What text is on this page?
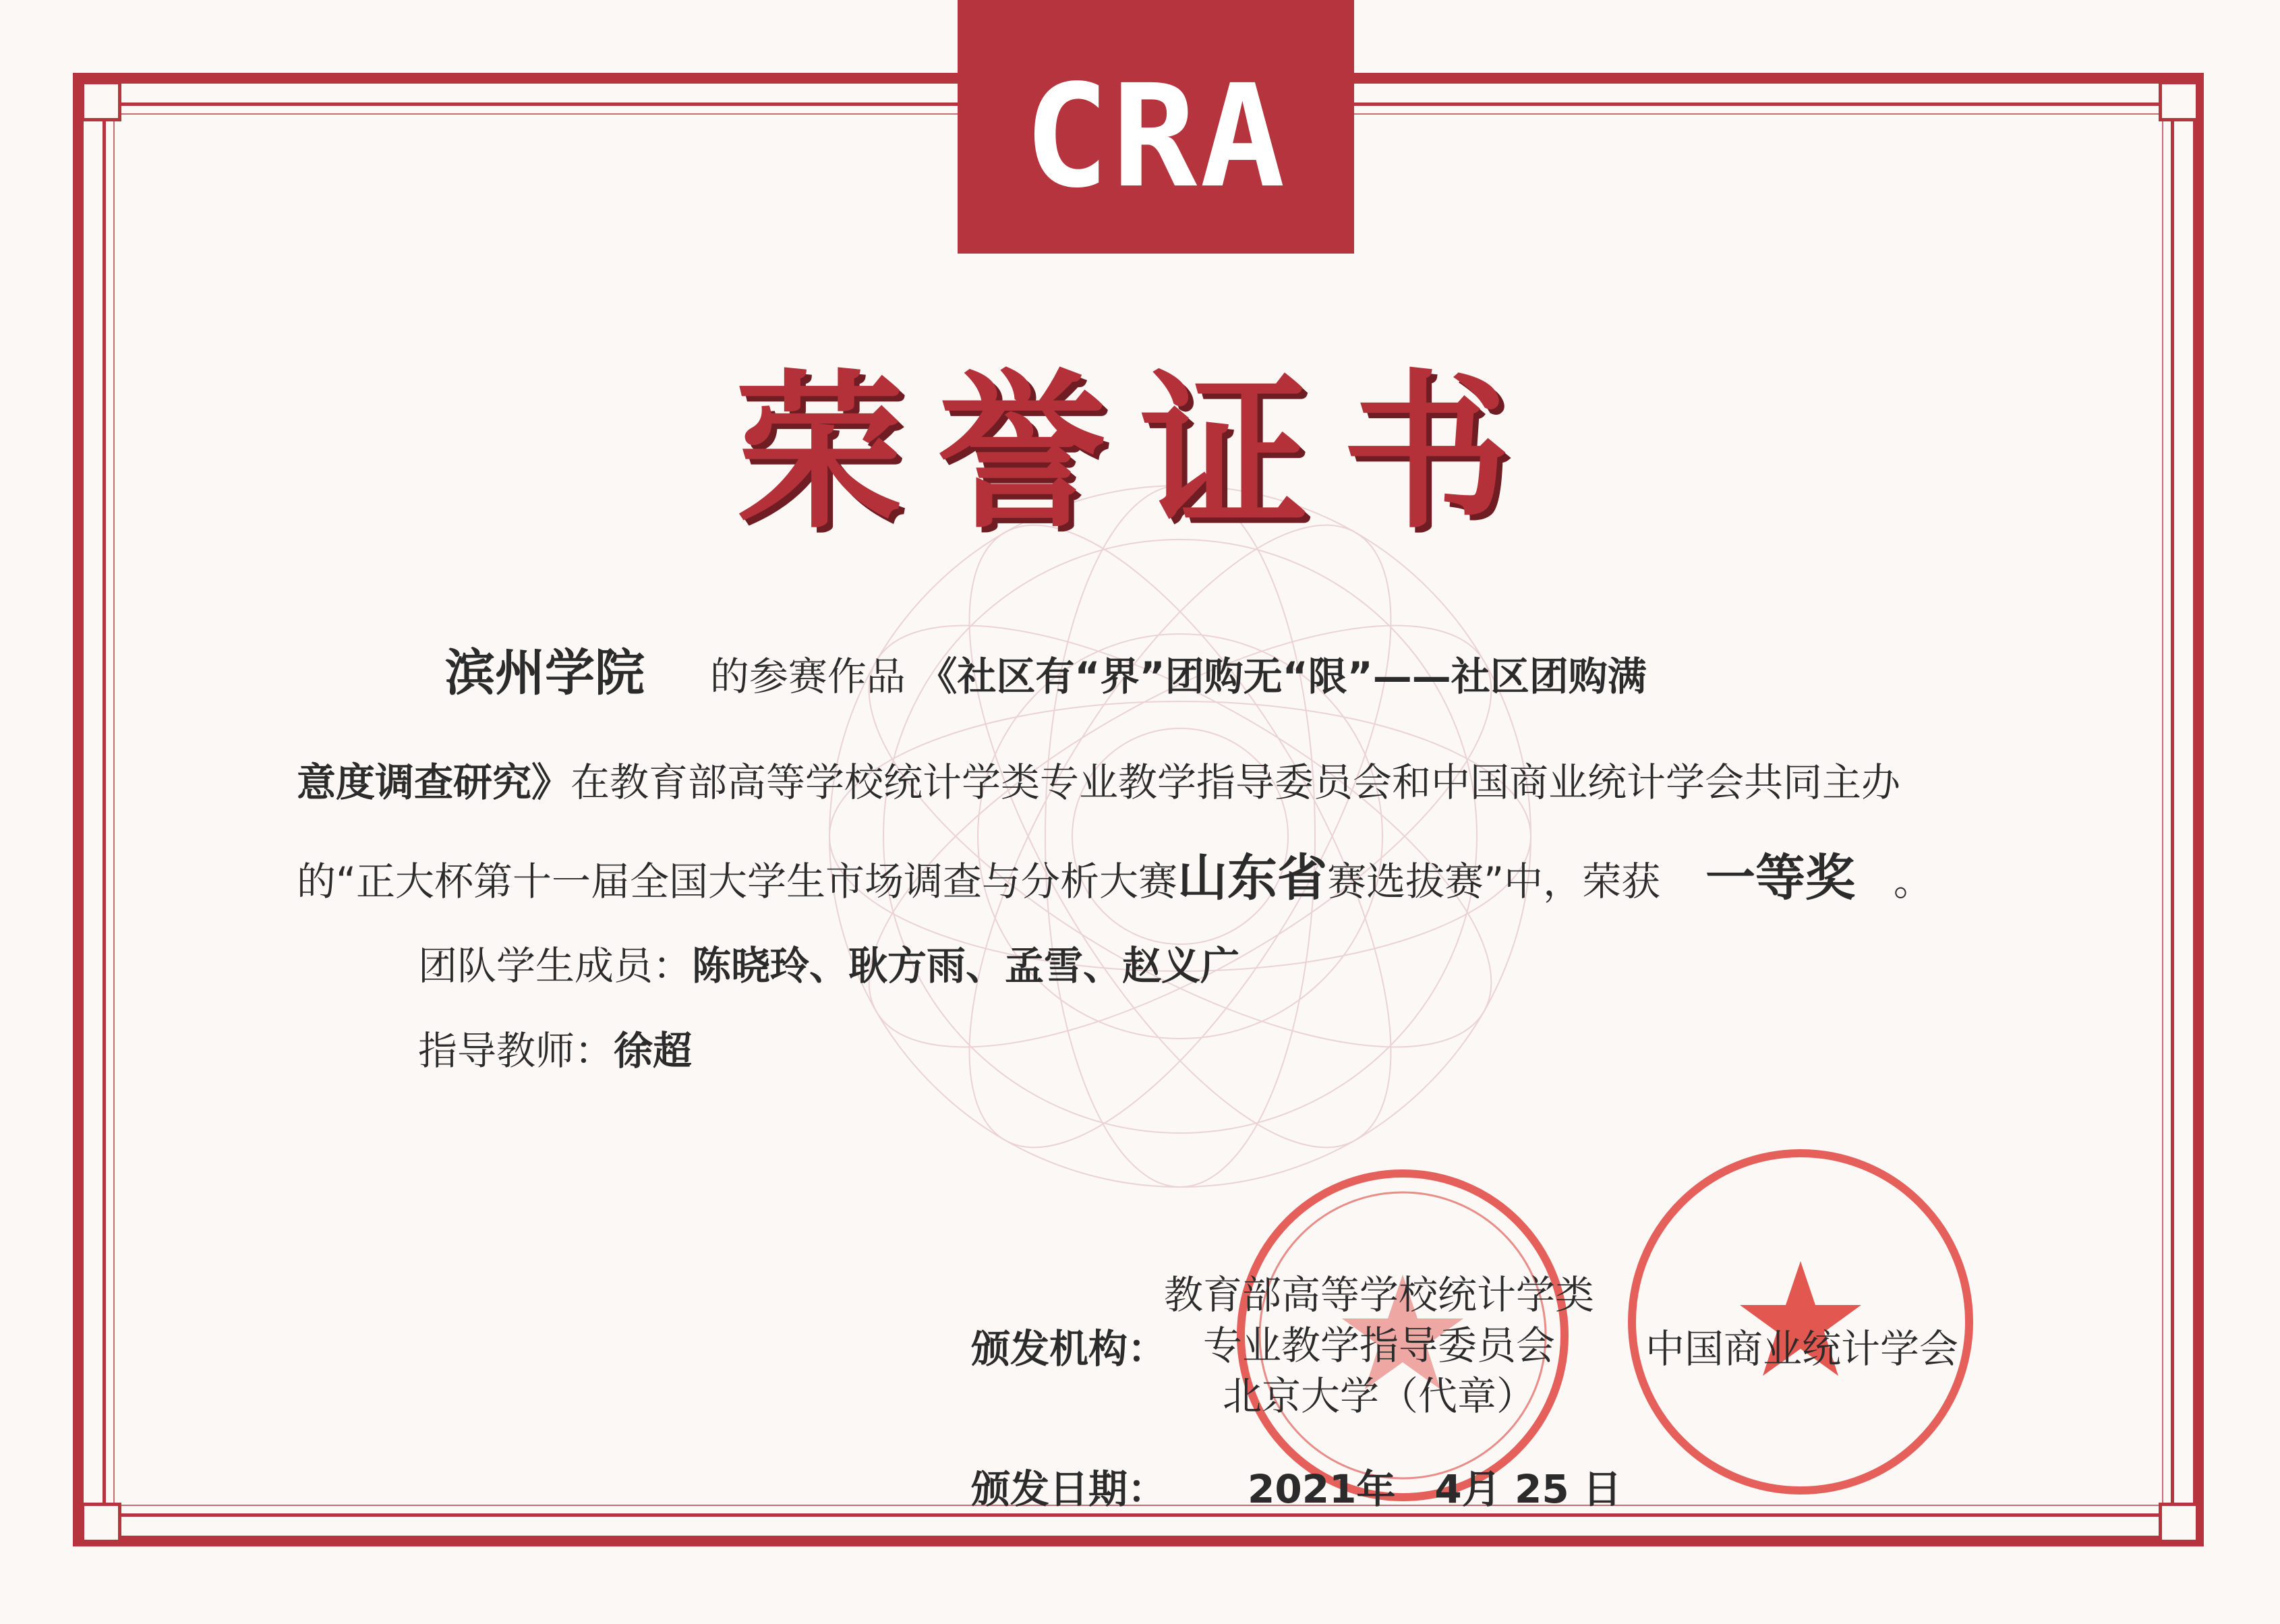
CRA
荣誉证书
滨州学院 的参赛作品 《社区有“界”团购无“限”——社区团购满
意度调查研究》在教育部高等学校统计学类专业教学指导委员会和中国商业统计学会共同主办
的“正大杯第十一届全国大学生市场调查与分析大赛山东省赛选拔赛”中，荣获 一等奖 。
团队学生成员：陈晓玲、耿方雨、孟雪、赵义广
指导教师：徐超
颁发机构：
教育部高等学校统计学类
专业教学指导委员会
北京大学（代章）
中国商业统计学会
颁发日期： 2021年　4月 25 日
